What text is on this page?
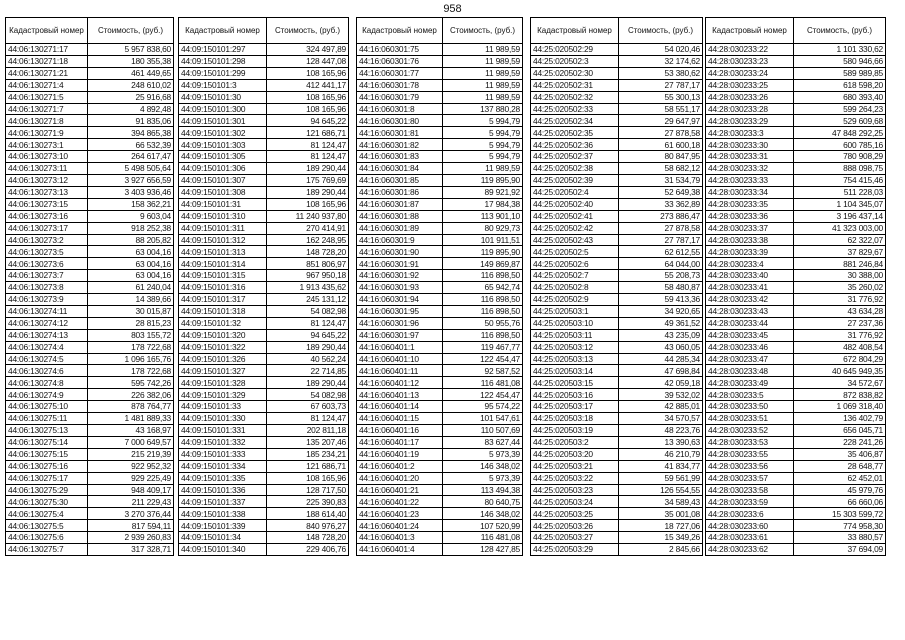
958
Кадастровый номер	Стоимость, (руб.)
44:06:130271:17	5 957 838,60
44:06:130271:18	180 355,38
44:06:130271:21	461 449,65
44:06:130271:4	248 610,02
44:06:130271:5	25 916,68
44:06:130271:7	4 892,48
44:06:130271:8	91 835,06
44:06:130271:9	394 865,38
44:06:130273:1	66 532,39
44:06:130273:10	264 617,47
44:06:130273:11	5 498 505,64
44:06:130273:12	3 927 656,59
44:06:130273:13	3 403 936,46
44:06:130273:15	158 362,21
44:06:130273:16	9 603,04
44:06:130273:17	918 252,38
44:06:130273:2	88 205,82
44:06:130273:5	63 004,16
44:06:130273:6	63 004,16
44:06:130273:7	63 004,16
44:06:130273:8	61 240,04
44:06:130273:9	14 389,66
44:06:130274:11	30 015,87
44:06:130274:12	28 815,23
44:06:130274:13	803 155,72
44:06:130274:4	178 722,68
44:06:130274:5	1 096 165,76
44:06:130274:6	178 722,68
44:06:130274:8	595 742,26
44:06:130274:9	226 382,06
44:06:130275:10	878 764,77
44:06:130275:11	1 481 889,33
44:06:130275:13	43 168,97
44:06:130275:14	7 000 649,57
44:06:130275:15	215 219,39
44:06:130275:16	922 952,32
44:06:130275:17	929 225,49
44:06:130275:29	948 409,17
44:06:130275:30	211 229,43
44:06:130275:4	3 270 376,44
44:06:130275:5	817 594,11
44:06:130275:6	2 939 260,83
44:06:130275:7	317 328,71
Кадастровый номер	Стоимость, (руб.)
44:09:150101:297	324 497,89
44:09:150101:298	128 447,08
44:09:150101:299	108 165,96
44:09:150101:3	412 441,17
44:09:150101:30	108 165,96
44:09:150101:300	108 165,96
44:09:150101:301	94 645,22
44:09:150101:302	121 686,71
44:09:150101:303	81 124,47
44:09:150101:305	81 124,47
44:09:150101:306	189 290,44
44:09:150101:307	175 769,69
44:09:150101:308	189 290,44
44:09:150101:31	108 165,96
44:09:150101:310	11 240 937,80
44:09:150101:311	270 414,91
44:09:150101:312	162 248,95
44:09:150101:313	148 728,20
44:09:150101:314	851 806,97
44:09:150101:315	967 950,18
44:09:150101:316	1 913 435,62
44:09:150101:317	245 131,12
44:09:150101:318	54 082,98
44:09:150101:32	81 124,47
44:09:150101:320	94 645,22
44:09:150101:322	189 290,44
44:09:150101:326	40 562,24
44:09:150101:327	22 714,85
44:09:150101:328	189 290,44
44:09:150101:329	54 082,98
44:09:150101:33	67 603,73
44:09:150101:330	81 124,47
44:09:150101:331	202 811,18
44:09:150101:332	135 207,46
44:09:150101:333	185 234,21
44:09:150101:334	121 686,71
44:09:150101:335	108 165,96
44:09:150101:336	128 717,50
44:09:150101:337	225 390,83
44:09:150101:338	188 614,40
44:09:150101:339	840 976,27
44:09:150101:34	148 728,20
44:09:150101:340	229 406,76
Кадастровый номер	Стоимость, (руб.)
44:16:060301:75	11 989,59
44:16:060301:76	11 989,59
44:16:060301:77	11 989,59
44:16:060301:78	11 989,59
44:16:060301:79	11 989,59
44:16:060301:8	137 880,28
44:16:060301:80	5 994,79
44:16:060301:81	5 994,79
44:16:060301:82	5 994,79
44:16:060301:83	5 994,79
44:16:060301:84	11 989,59
44:16:060301:85	119 895,90
44:16:060301:86	89 921,92
44:16:060301:87	17 984,38
44:16:060301:88	113 901,10
44:16:060301:89	80 929,73
44:16:060301:9	101 911,51
44:16:060301:90	119 895,90
44:16:060301:91	149 869,87
44:16:060301:92	116 898,50
44:16:060301:93	65 942,74
44:16:060301:94	116 898,50
44:16:060301:95	116 898,50
44:16:060301:96	50 955,76
44:16:060301:97	116 898,50
44:16:060401:1	119 467,77
44:16:060401:10	122 454,47
44:16:060401:11	92 587,52
44:16:060401:12	116 481,08
44:16:060401:13	122 454,47
44:16:060401:14	95 574,22
44:16:060401:15	101 547,61
44:16:060401:16	110 507,69
44:16:060401:17	83 627,44
44:16:060401:19	5 973,39
44:16:060401:2	146 348,02
44:16:060401:20	5 973,39
44:16:060401:21	113 494,38
44:16:060401:22	80 640,75
44:16:060401:23	146 348,02
44:16:060401:24	107 520,99
44:16:060401:3	116 481,08
44:16:060401:4	128 427,85
Кадастровый номер	Стоимость, (руб.)
44:25:020502:29	54 020,46
44:25:020502:3	32 174,62
44:25:020502:30	53 380,62
44:25:020502:31	27 787,17
44:25:020502:32	55 300,13
44:25:020502:33	58 551,17
44:25:020502:34	29 647,97
44:25:020502:35	27 878,58
44:25:020502:36	61 600,18
44:25:020502:37	80 847,95
44:25:020502:38	58 682,12
44:25:020502:39	31 534,79
44:25:020502:4	52 649,38
44:25:020502:40	33 362,89
44:25:020502:41	273 886,47
44:25:020502:42	27 878,58
44:25:020502:43	27 787,17
44:25:020502:5	62 612,55
44:25:020502:6	64 044,00
44:25:020502:7	55 208,73
44:25:020502:8	58 480,87
44:25:020502:9	59 413,36
44:25:020503:1	34 920,65
44:25:020503:10	49 361,52
44:25:020503:11	43 235,09
44:25:020503:12	43 060,05
44:25:020503:13	44 285,34
44:25:020503:14	47 698,84
44:25:020503:15	42 059,18
44:25:020503:16	39 532,02
44:25:020503:17	42 885,01
44:25:020503:18	34 570,57
44:25:020503:19	48 223,76
44:25:020503:2	13 390,63
44:25:020503:20	46 210,79
44:25:020503:21	41 834,77
44:25:020503:22	59 561,99
44:25:020503:23	126 554,55
44:25:020503:24	34 589,43
44:25:020503:25	35 001,08
44:25:020503:26	18 727,06
44:25:020503:27	15 349,26
44:25:020503:29	2 845,66
Кадастровый номер	Стоимость, (руб.)
44:28:030233:22	1 101 330,62
44:28:030233:23	580 946,66
44:28:030233:24	589 989,85
44:28:030233:25	618 598,20
44:28:030233:26	680 393,40
44:28:030233:28	599 264,23
44:28:030233:29	529 609,68
44:28:030233:3	47 848 292,25
44:28:030233:30	600 785,16
44:28:030233:31	780 908,29
44:28:030233:32	888 098,75
44:28:030233:33	754 415,46
44:28:030233:34	511 228,03
44:28:030233:35	1 104 345,07
44:28:030233:36	3 196 437,14
44:28:030233:37	41 323 003,00
44:28:030233:38	62 322,07
44:28:030233:39	37 829,67
44:28:030233:4	881 246,84
44:28:030233:40	30 388,00
44:28:030233:41	35 260,02
44:28:030233:42	31 776,92
44:28:030233:43	43 634,28
44:28:030233:44	27 237,36
44:28:030233:45	31 776,92
44:28:030233:46	482 408,54
44:28:030233:47	672 804,29
44:28:030233:48	40 645 949,35
44:28:030233:49	34 572,67
44:28:030233:5	872 838,82
44:28:030233:50	1 069 318,40
44:28:030233:51	136 402,79
44:28:030233:52	656 045,71
44:28:030233:53	228 241,26
44:28:030233:55	35 406,87
44:28:030233:56	28 648,77
44:28:030233:57	62 452,01
44:28:030233:58	45 979,76
44:28:030233:59	66 660,06
44:28:030233:6	15 303 599,72
44:28:030233:60	774 958,30
44:28:030233:61	33 880,57
44:28:030233:62	37 694,09
